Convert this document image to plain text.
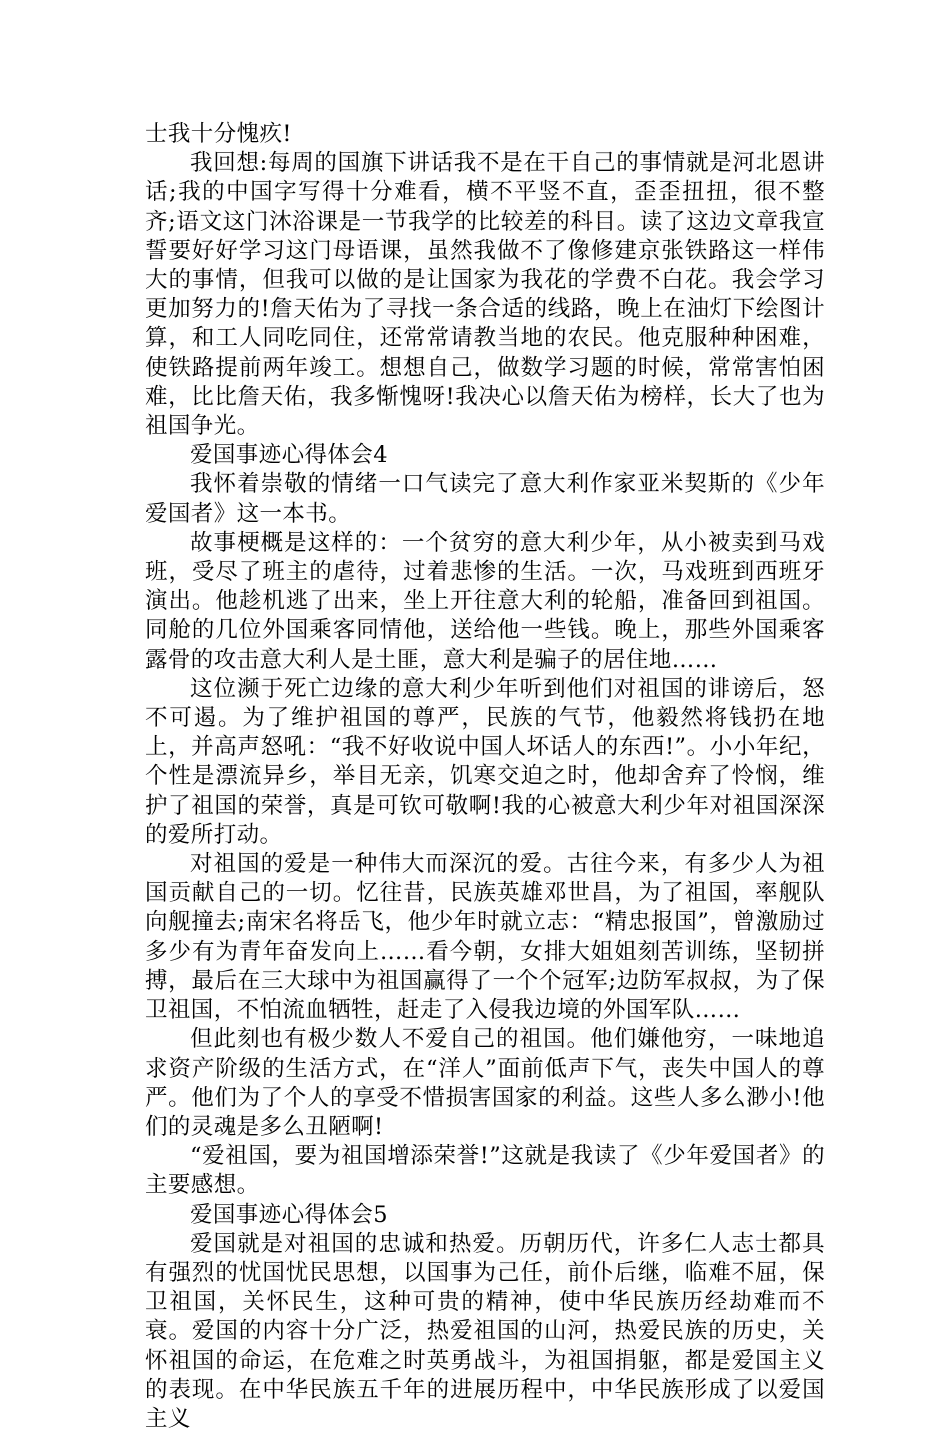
士我十分愧疚!

我回想:每周的国旗下讲话我不是在干自己的事情就是河北恩讲话;我的中国字写得十分难看，横不平竖不直，歪歪扭扭，很不整齐;语文这门沐浴课是一节我学的比较差的科目。读了这边文章我宣誓要好好学习这门母语课，虽然我做不了像修建京张铁路这一样伟大的事情，但我可以做的是让国家为我花的学费不白花。我会学习更加努力的!詹天佑为了寻找一条合适的线路，晚上在油灯下绘图计算，和工人同吃同住，还常常请教当地的农民。他克服种种困难，使铁路提前两年竣工。想想自己，做数学习题的时候，常常害怕困难，比比詹天佑，我多惭愧呀!我决心以詹天佑为榜样，长大了也为祖国争光。

爱国事迹心得体会4

我怀着崇敬的情绪一口气读完了意大利作家亚米契斯的《少年爱国者》这一本书。

故事梗概是这样的：一个贫穷的意大利少年，从小被卖到马戏班，受尽了班主的虐待，过着悲惨的生活。一次，马戏班到西班牙演出。他趁机逃了出来，坐上开往意大利的轮船，准备回到祖国。同舱的几位外国乘客同情他，送给他一些钱。晚上，那些外国乘客露骨的攻击意大利人是土匪，意大利是骗子的居住地……

这位濒于死亡边缘的意大利少年听到他们对祖国的诽谤后，怒不可遏。为了维护祖国的尊严，民族的气节，他毅然将钱扔在地上，并高声怒吼：“我不好收说中国人坏话人的东西!”。小小年纪，个性是漂流异乡，举目无亲，饥寒交迫之时，他却舍弃了怜悯，维护了祖国的荣誉，真是可钦可敬啊!我的心被意大利少年对祖国深深的爱所打动。

对祖国的爱是一种伟大而深沉的爱。古往今来，有多少人为祖国贡献自己的一切。忆往昔，民族英雄邓世昌，为了祖国，率舰队向舰撞去;南宋名将岳飞，他少年时就立志：“精忠报国”，曾激励过多少有为青年奋发向上……看今朝，女排大姐姐刻苦训练，坚韧拼搏，最后在三大球中为祖国赢得了一个个冠军;边防军叔叔，为了保卫祖国，不怕流血牺牲，赶走了入侵我边境的外国军队……

但此刻也有极少数人不爱自己的祖国。他们嫌他穷，一味地追求资产阶级的生活方式，在“洋人”面前低声下气，丧失中国人的尊严。他们为了个人的享受不惜损害国家的利益。这些人多么渺小!他们的灵魂是多么丑陋啊!

“爱祖国，要为祖国增添荣誉!”这就是我读了《少年爱国者》的主要感想。

爱国事迹心得体会5

爱国就是对祖国的忠诚和热爱。历朝历代，许多仁人志士都具有强烈的忧国忧民思想，以国事为己任，前仆后继，临难不屈，保卫祖国，关怀民生，这种可贵的精神，使中华民族历经劫难而不衰。爱国的内容十分广泛，热爱祖国的山河，热爱民族的历史，关怀祖国的命运，在危难之时英勇战斗，为祖国捐躯，都是爱国主义的表现。在中华民族五千年的进展历程中，中华民族形成了以爱国主义
